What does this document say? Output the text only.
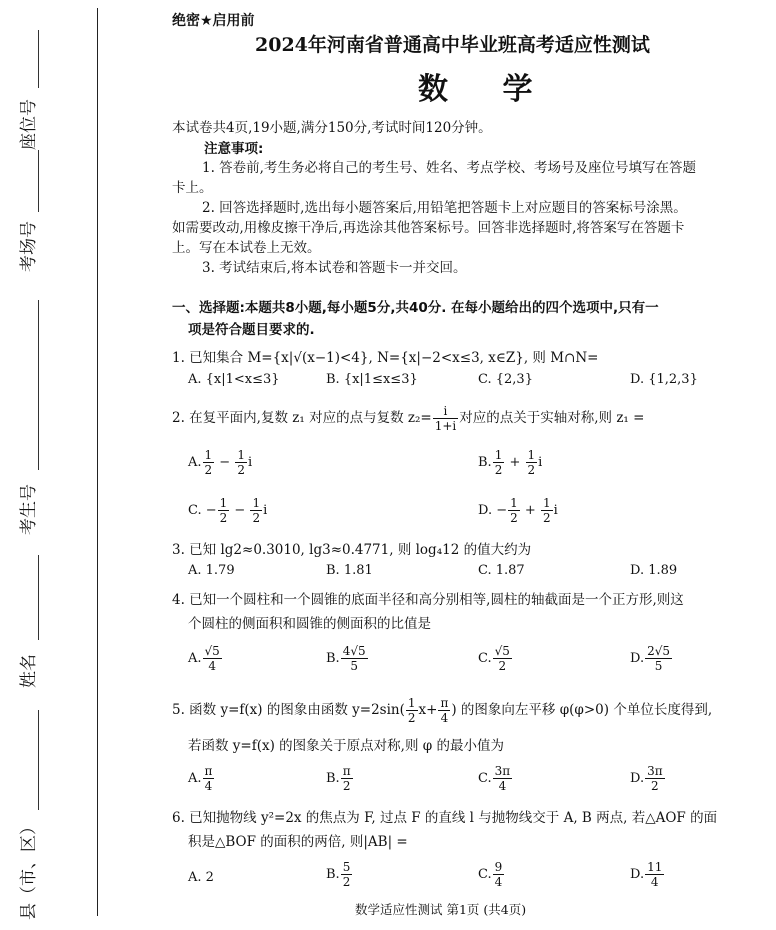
座位号
考场号
考生号
姓名
县（市、区）
绝密★启用前
2024年河南省普通高中毕业班高考适应性测试
数 学
本试卷共4页,19小题,满分150分,考试时间120分钟。
注意事项:
1. 答卷前,考生务必将自己的考生号、姓名、考点学校、考场号及座位号填写在答题
卡上。
2. 回答选择题时,选出每小题答案后,用铅笔把答题卡上对应题目的答案标号涂黑。
如需要改动,用橡皮擦干净后,再选涂其他答案标号。回答非选择题时,将答案写在答题卡
上。写在本试卷上无效。
3. 考试结束后,将本试卷和答题卡一并交回。
一、选择题:本题共8小题,每小题5分,共40分. 在每小题给出的四个选项中,只有一
项是符合题目要求的.
1. 已知集合 M={x|√(x−1)<4}, N={x|−2<x≤3, x∈Z}, 则 M∩N=
A. {x|1<x≤3}	B. {x|1≤x≤3}	C. {2,3}	D. {1,2,3}
2. 在复平面内,复数 z₁ 对应的点与复数 $z_2= \frac{i}{1+i}$ 对应的点关于实轴对称,则 z₁ =
A. $\frac{1}{2} - \frac{1}{2}$ i	B. $\frac{1}{2} + \frac{1}{2}$ i
C. − $\frac{1}{2} - \frac{1}{2}$ i	D. − $\frac{1}{2} + \frac{1}{2}$ i
3. 已知 lg2≈0.3010, lg3≈0.4771, 则 log₄12 的值大约为
A. 1.79	B. 1.81	C. 1.87	D. 1.89
4. 已知一个圆柱和一个圆锥的底面半径和高分别相等,圆柱的轴截面是一个正方形,则这
个圆柱的侧面积和圆锥的侧面积的比值是
A. $\frac{√5}{4}$	B. $\frac{4√5}{5}$	C. $\frac{√5}{2}$	D. $\frac{2√5}{5}$
5. 函数 y=f(x) 的图象由函数 $y=2\sin( \frac{1}{2} x+ \frac{\pi}{4}$ ) 的图象向左平移 φ(φ>0) 个单位长度得到,
若函数 y=f(x) 的图象关于原点对称,则 φ 的最小值为
A. $\frac{\pi}{4}$	B. $\frac{\pi}{2}$	C. $\frac{3\pi}{4}$	D. $\frac{3\pi}{2}$
6. 已知抛物线 y²=2x 的焦点为 F, 过点 F 的直线 l 与抛物线交于 A, B 两点, 若△AOF 的面
积是△BOF 的面积的两倍, 则|AB| =
A. 2	B. $\frac{5}{2}$	C. $\frac{9}{4}$	D. $\frac{11}{4}$
数学适应性测试 第1页 (共4页)
